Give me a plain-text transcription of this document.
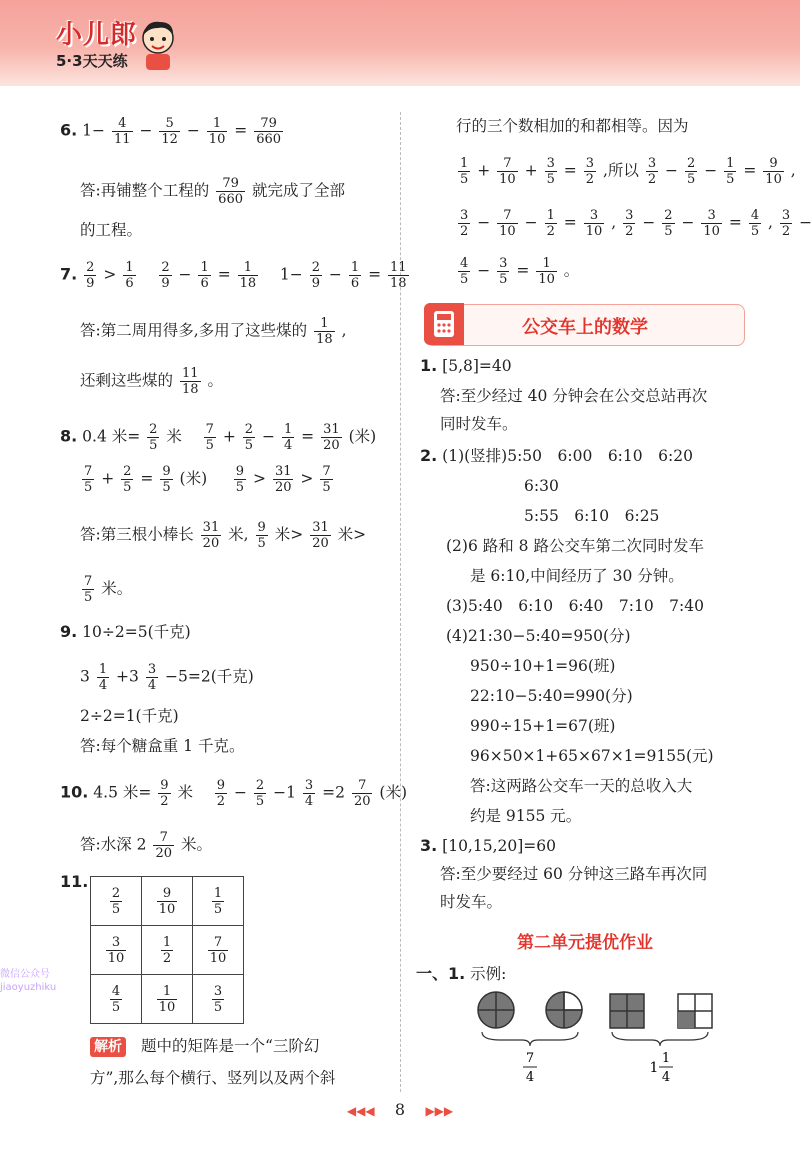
小儿郎
5·3天天练
6. $1- \frac{4}{11} - \frac{5}{12} - \frac{1}{10} = \frac{79}{660}$
答:再铺整个工程的 $\frac{79}{660}$ 就完成了全部
的工程。
7. $\frac{2}{9} > \frac{1}{6}$
$\frac{2}{9} - \frac{1}{6} = \frac{1}{18} 1- \frac{2}{9} - \frac{1}{6} = \frac{11}{18}$
答:第二周用得多,多用了这些煤的 $\frac{1}{18}$ ,
还剩这些煤的 $\frac{11}{18}$ 。
8. 0.4 米= $\frac{2}{5}$ 米 $\frac{7}{5} + \frac{2}{5} - \frac{1}{4} = \frac{31}{20}$ (米)
$\frac{7}{5} + \frac{2}{5} = \frac{9}{5}$ (米) $\frac{9}{5} > \frac{31}{20} > \frac{7}{5}$
答:第三根小棒长 $\frac{31}{20}$ 米, $\frac{9}{5}$ 米> $\frac{31}{20}$ 米>
$\frac{7}{5}$ 米。
9. 10÷2=5(千克)
$3 \frac{1}{4} +3 \frac{3}{4} -5=2$(千克)
2÷2=1(千克)
答:每个糖盒重 1 千克。
10. 4.5 米= $\frac{9}{2}$ 米 $\frac{9}{2} - \frac{2}{5} -1 \frac{3}{4} =2 \frac{7}{20}$ (米)
答:水深 $2 \frac{7}{20}$ 米。
11.
解析 题中的矩阵是一个“三阶幻
方”,那么每个横行、竖列以及两个斜
$\frac{2}{5}$	$\frac{9}{10}$	$\frac{1}{5}$

$\frac{3}{10}$	$\frac{1}{2}$	$\frac{7}{10}$

$\frac{4}{5}$	$\frac{1}{10}$	$\frac{3}{5}$
微信公众号
jiaoyuzhiku
行的三个数相加的和都相等。因为
$\frac{1}{5} + \frac{7}{10} + \frac{3}{5} = \frac{3}{2}$ ,所以 $\frac{3}{2} - \frac{2}{5} - \frac{1}{5} = \frac{9}{10}$ ,
$\frac{3}{2} - \frac{7}{10} - \frac{1}{2} = \frac{3}{10}$ , $\frac{3}{2} - \frac{2}{5} - \frac{3}{10} = \frac{4}{5}$ , $\frac{3}{2}$ −
$\frac{4}{5} - \frac{3}{5} = \frac{1}{10}$ 。
1. [5,8]=40
答:至少经过 40 分钟会在公交总站再次
同时发车。
2. (1)(竖排)5:50　6:00　6:10　6:20
6:30
5:55　6:10　6:25
(2)6 路和 8 路公交车第二次同时发车
是 6:10,中间经历了 30 分钟。
(3)5:40　6:10　6:40　7:10　7:40
(4)21:30−5:40=950(分)
950÷10+1=96(班)
22:10−5:40=990(分)
990÷15+1=67(班)
96×50×1+65×67×1=9155(元)
答:这两路公交车一天的总收入大
约是 9155 元。
3. [10,15,20]=60
答:至少要经过 60 分钟这三路车再次同
时发车。
一、1. 示例:
公交车上的数学
第二单元提优作业
7
4
1
1
4
◀◀◀ 8 ▶▶▶
